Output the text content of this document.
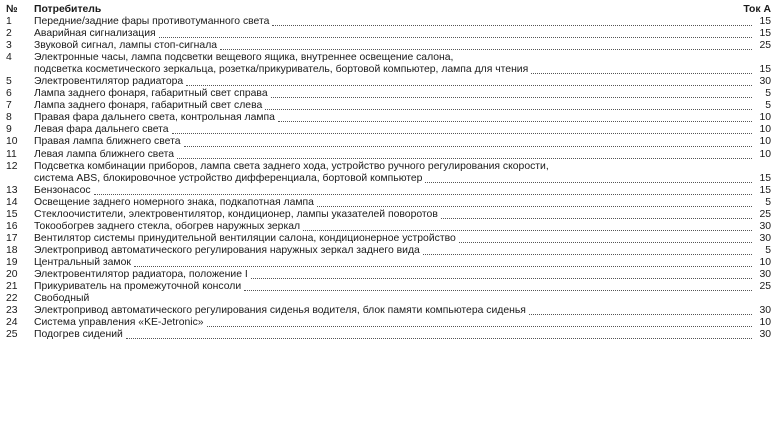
№ Потребитель	Ток А
1	Передние/задние фары противотуманного света	15
2	Аварийная сигнализация	15
3	Звуковой сигнал, лампы стоп-сигнала	25
4	Электронные часы, лампа подсветки вещевого ящика, внутреннее освещение салона,
подсветка косметического зеркальца, розетка/прикуриватель, бортовой компьютер, лампа для чтения	15
5	Электровентилятор радиатора	30
6	Лампа заднего фонаря, габаритный свет справа	5
7	Лампа заднего фонаря, габаритный свет слева	5
8	Правая фара дальнего света, контрольная лампа	10
9	Левая фара дальнего света	10
10	Правая лампа ближнего света	10
11	Левая лампа ближнего света	10
12	Подсветка комбинации приборов, лампа света заднего хода, устройство ручного регулирования скорости,
система ABS, блокировочное устройство дифференциала, бортовой компьютер	15
13	Бензонасос	15
14	Освещение заднего номерного знака, подкапотная лампа	5
15	Стеклоочистители, электровентилятор, кондиционер, лампы указателей поворотов	25
16	Токообогрев заднего стекла, обогрев наружных зеркал	30
17	Вентилятор системы принудительной вентиляции салона, кондиционерное устройство	30
18	Электропривод автоматического регулирования наружных зеркал заднего вида	5
19	Центральный замок	10
20	Электровентилятор радиатора, положение I	30
21	Прикуриватель на промежуточной консоли	25
22	Свободный
23	Электропривод автоматического регулирования сиденья водителя, блок памяти компьютера сиденья	30
24	Система управления «KE-Jetronic»	10
25	Подогрев сидений	30
